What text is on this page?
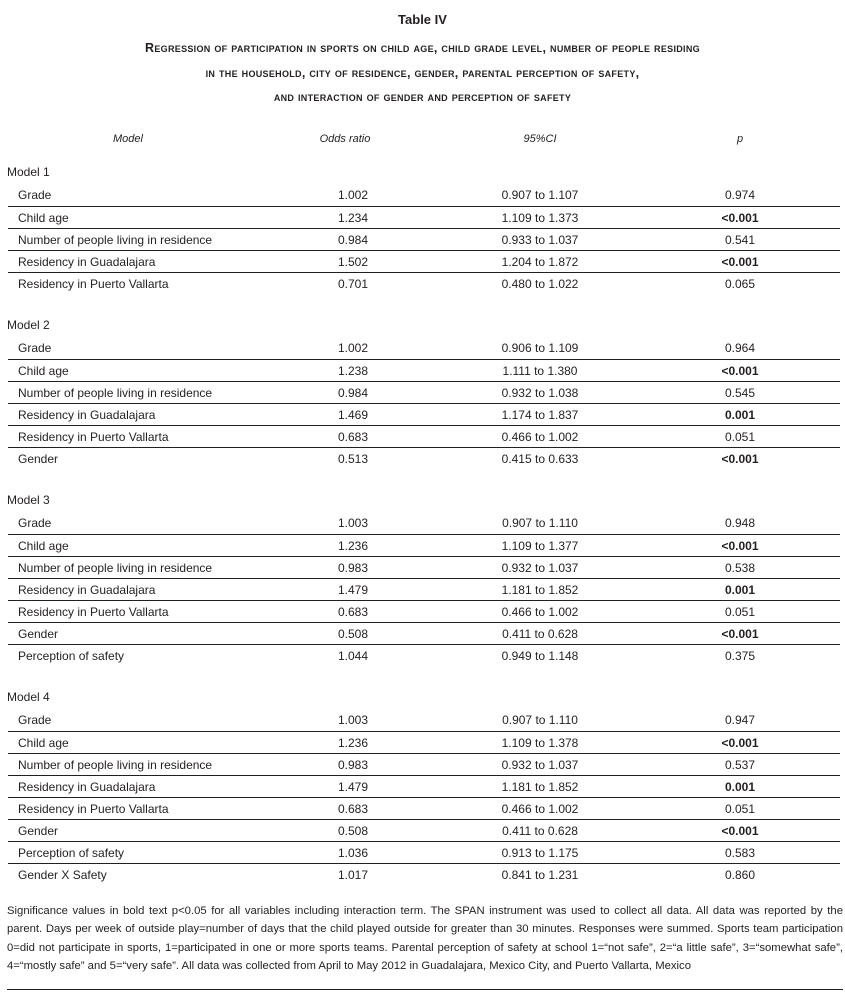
Table IV
Regression of participation in sports on child age, child grade level, number of people residing
in the household, city of residence, gender, parental perception of safety,
and interaction of gender and perception of safety
Model	Odds ratio	95%CI	p
Model 1
Grade	1.002	0.907 to 1.107	0.974
Child age	1.234	1.109 to 1.373	<0.001
Number of people living in residence	0.984	0.933 to 1.037	0.541
Residency in Guadalajara	1.502	1.204 to 1.872	<0.001
Residency in Puerto Vallarta	0.701	0.480 to 1.022	0.065
Model 2
Grade	1.002	0.906 to 1.109	0.964
Child age	1.238	1.111 to 1.380	<0.001
Number of people living in residence	0.984	0.932 to 1.038	0.545
Residency in Guadalajara	1.469	1.174 to 1.837	0.001
Residency in Puerto Vallarta	0.683	0.466 to 1.002	0.051
Gender	0.513	0.415 to 0.633	<0.001
Model 3
Grade	1.003	0.907 to 1.110	0.948
Child age	1.236	1.109 to 1.377	<0.001
Number of people living in residence	0.983	0.932 to 1.037	0.538
Residency in Guadalajara	1.479	1.181 to 1.852	0.001
Residency in Puerto Vallarta	0.683	0.466 to 1.002	0.051
Gender	0.508	0.411 to 0.628	<0.001
Perception of safety	1.044	0.949 to 1.148	0.375
Model 4
Grade	1.003	0.907 to 1.110	0.947
Child age	1.236	1.109 to 1.378	<0.001
Number of people living in residence	0.983	0.932 to 1.037	0.537
Residency in Guadalajara	1.479	1.181 to 1.852	0.001
Residency in Puerto Vallarta	0.683	0.466 to 1.002	0.051
Gender	0.508	0.411 to 0.628	<0.001
Perception of safety	1.036	0.913 to 1.175	0.583
Gender X Safety	1.017	0.841 to 1.231	0.860
Significance values in bold text p<0.05 for all variables including interaction term. The SPAN instrument was used to collect all data. All data was reported by the parent. Days per week of outside play=number of days that the child played outside for greater than 30 minutes. Responses were summed. Sports team participation 0=did not participate in sports, 1=participated in one or more sports teams. Parental perception of safety at school 1=“not safe”, 2=“a little safe”, 3=“somewhat safe”, 4=“mostly safe” and 5=“very safe”. All data was collected from April to May 2012 in Guadalajara, Mexico City, and Puerto Vallarta, Mexico
